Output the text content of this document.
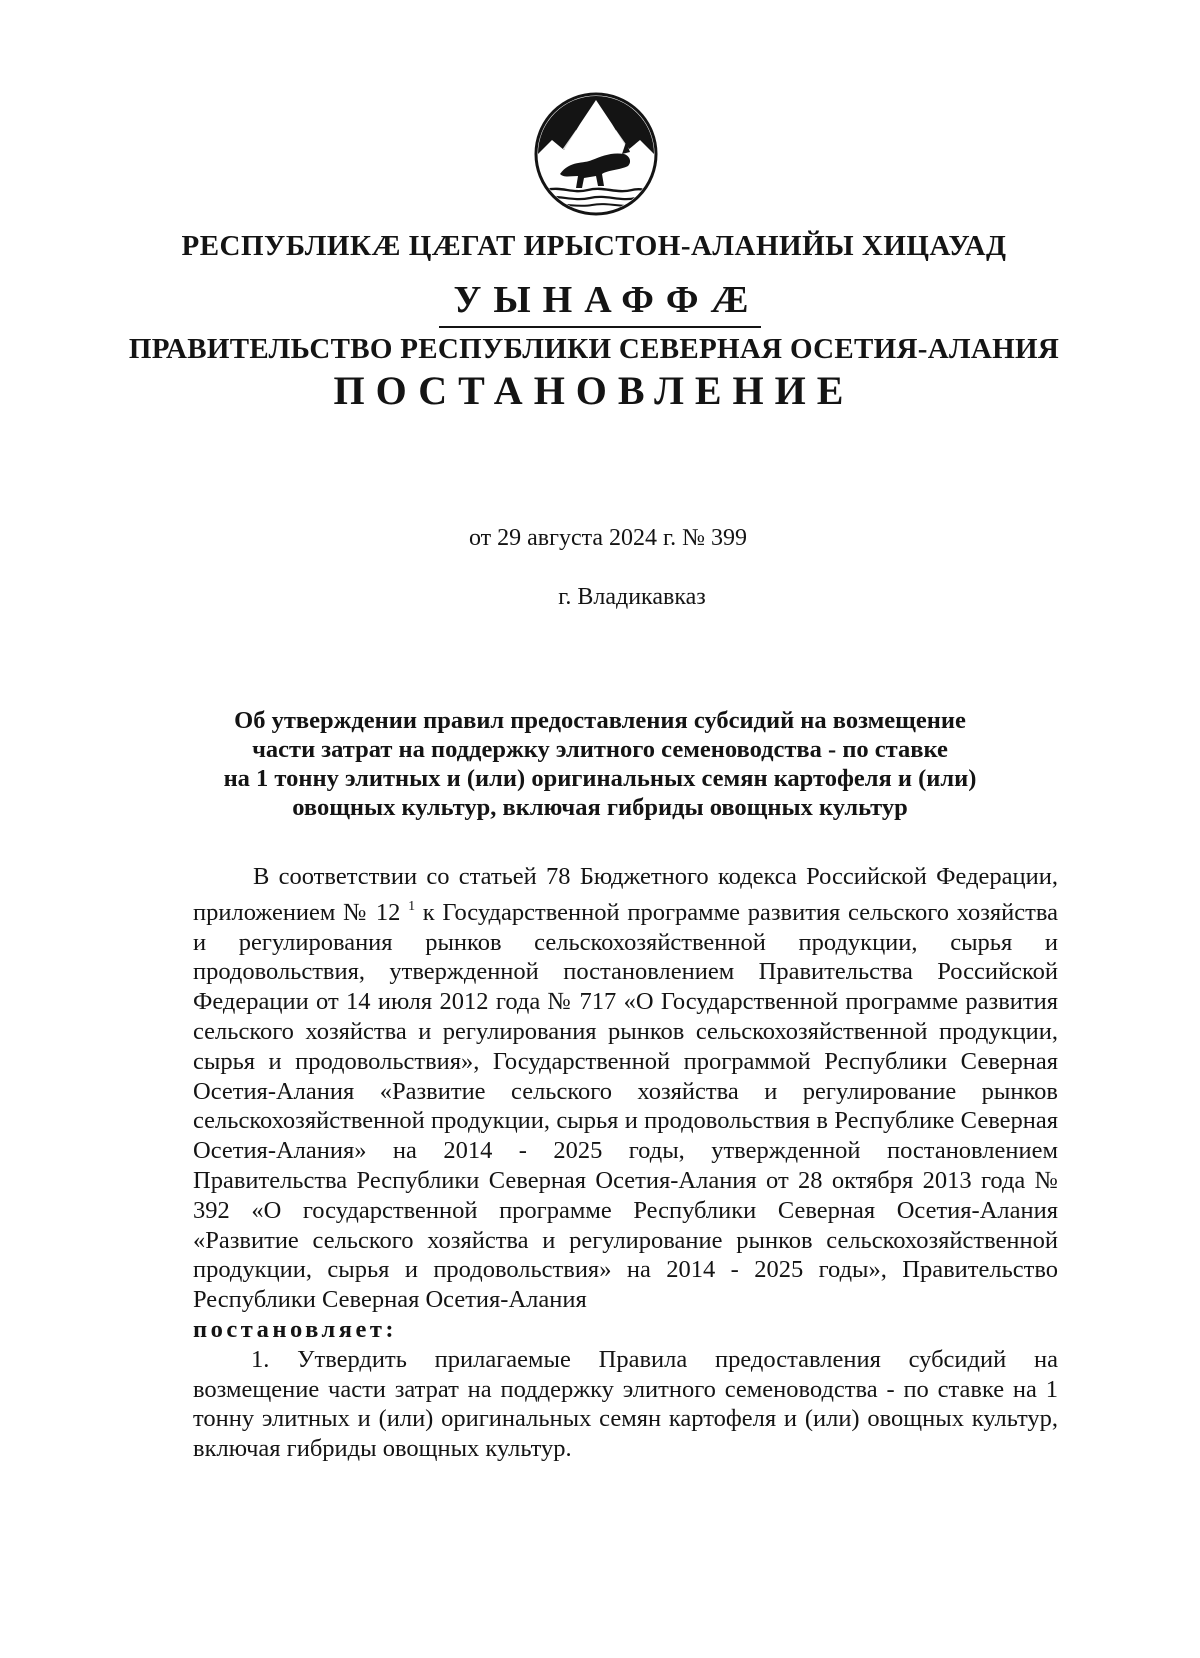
РЕСПУБЛИКӔ ЦӔГАТ ИРЫСТОН-АЛАНИЙЫ ХИЦАУАД
УЫНАФФӔ
ПРАВИТЕЛЬСТВО РЕСПУБЛИКИ СЕВЕРНАЯ ОСЕТИЯ-АЛАНИЯ
ПОСТАНОВЛЕНИЕ
от 29 августа 2024 г. № 399
г. Владикавказ
Об утверждении правил предоставления субсидий на возмещение
части затрат на поддержку элитного семеноводства - по ставке
на 1 тонну элитных и (или) оригинальных семян картофеля и (или)
овощных культур, включая гибриды овощных культур

В соответствии со статьей 78 Бюджетного кодекса Российской Федерации, приложением № 12 $^1$ к Государственной программе развития сельского хозяйства и регулирования рынков сельскохозяйственной продукции, сырья и продовольствия, утвержденной постановлением Правительства Российской Федерации от 14 июля 2012 года № 717 «О Государственной программе развития сельского хозяйства и регулирования рынков сельскохозяйственной продукции, сырья и продовольствия», Государственной программой Республики Северная Осетия-Алания «Развитие сельского хозяйства и регулирование рынков сельскохозяйственной продукции, сырья и продовольствия в Республике Северная Осетия-Алания» на 2014 - 2025 годы, утвержденной постановлением Правительства Республики Северная Осетия-Алания от 28 октября 2013 года № 392 «О государственной программе Республики Северная Осетия-Алания «Развитие сельского хозяйства и регулирование рынков сельскохозяйственной продукции, сырья и продовольствия» на 2014 - 2025 годы», Правительство Республики Северная Осетия-Алания

постановляет:

1. Утвердить прилагаемые Правила предоставления субсидий на возмещение части затрат на поддержку элитного семеноводства - по ставке на 1 тонну элитных и (или) оригинальных семян картофеля и (или) овощных культур, включая гибриды овощных культур.
